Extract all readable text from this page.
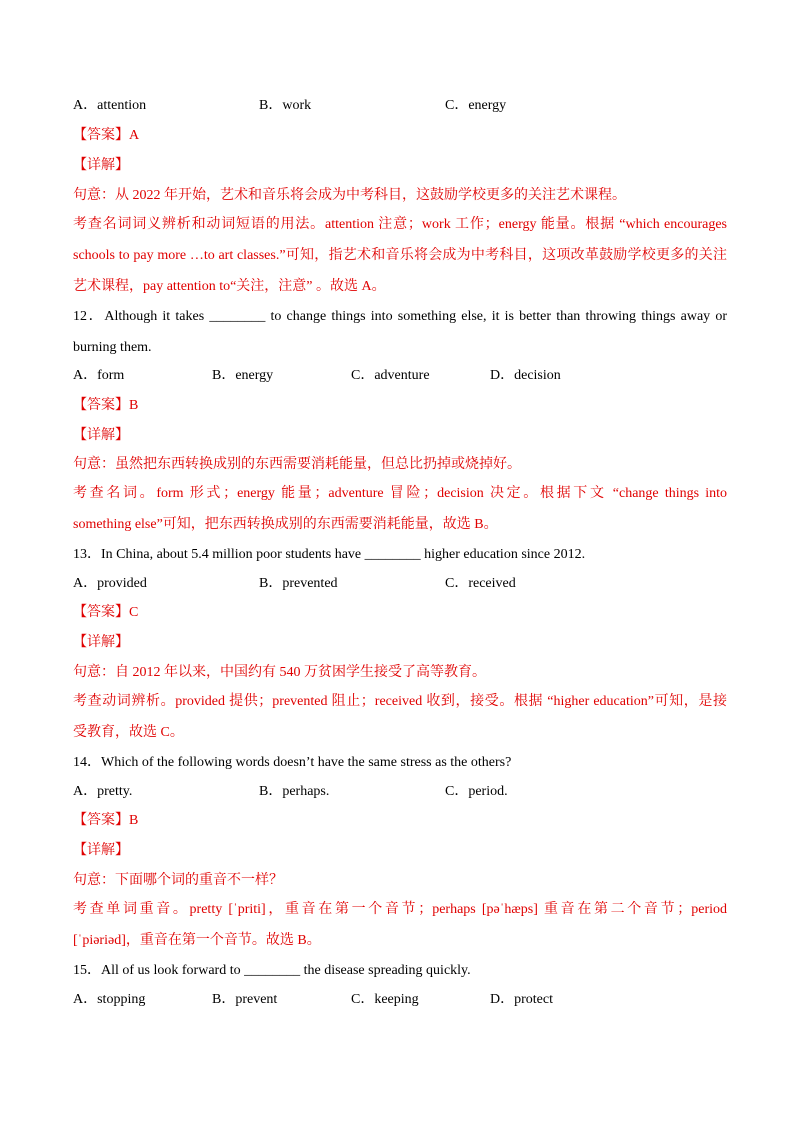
A．attention	B．work	C．energy
【答案】A
【详解】
句意：从 2022 年开始，艺术和音乐将会成为中考科目，这鼓励学校更多的关注艺术课程。
考查名词词义辨析和动词短语的用法。attention 注意；work 工作；energy 能量。根据 “which encourages
schools to pay more …to art classes.”可知，指艺术和音乐将会成为中考科目，这项改革鼓励学校更多的关注
艺术课程，pay attention to“关注，注意” 。故选 A。
12．Although it takes ________ to change things into something else, it is better than throwing things away or
burning them.
A．form	B．energy	C．adventure	D．decision
【答案】B
【详解】
句意：虽然把东西转换成别的东西需要消耗能量，但总比扔掉或烧掉好。
考查名词。form 形式；energy 能量；adventure 冒险；decision 决定。根据下文 “change things into
something else”可知，把东西转换成别的东西需要消耗能量，故选 B。
13．In China, about 5.4 million poor students have ________ higher education since 2012.
A．provided	B．prevented	C．received
【答案】C
【详解】
句意：自 2012 年以来，中国约有 540 万贫困学生接受了高等教育。
考查动词辨析。provided 提供；prevented 阻止；received 收到，接受。根据 “higher education”可知，是接
受教育，故选 C。
14．Which of the following words doesn’t have the same stress as the others?
A．pretty.	B．perhaps.	C．period.
【答案】B
【详解】
句意：下面哪个词的重音不一样？
考查单词重音。pretty [ˈpriti]，重音在第一个音节；perhaps [pəˈhæps] 重音在第二个音节；period
[ˈpiəriəd]，重音在第一个音节。故选 B。
15．All of us look forward to ________ the disease spreading quickly.
A．stopping	B．prevent	C．keeping	D．protect
